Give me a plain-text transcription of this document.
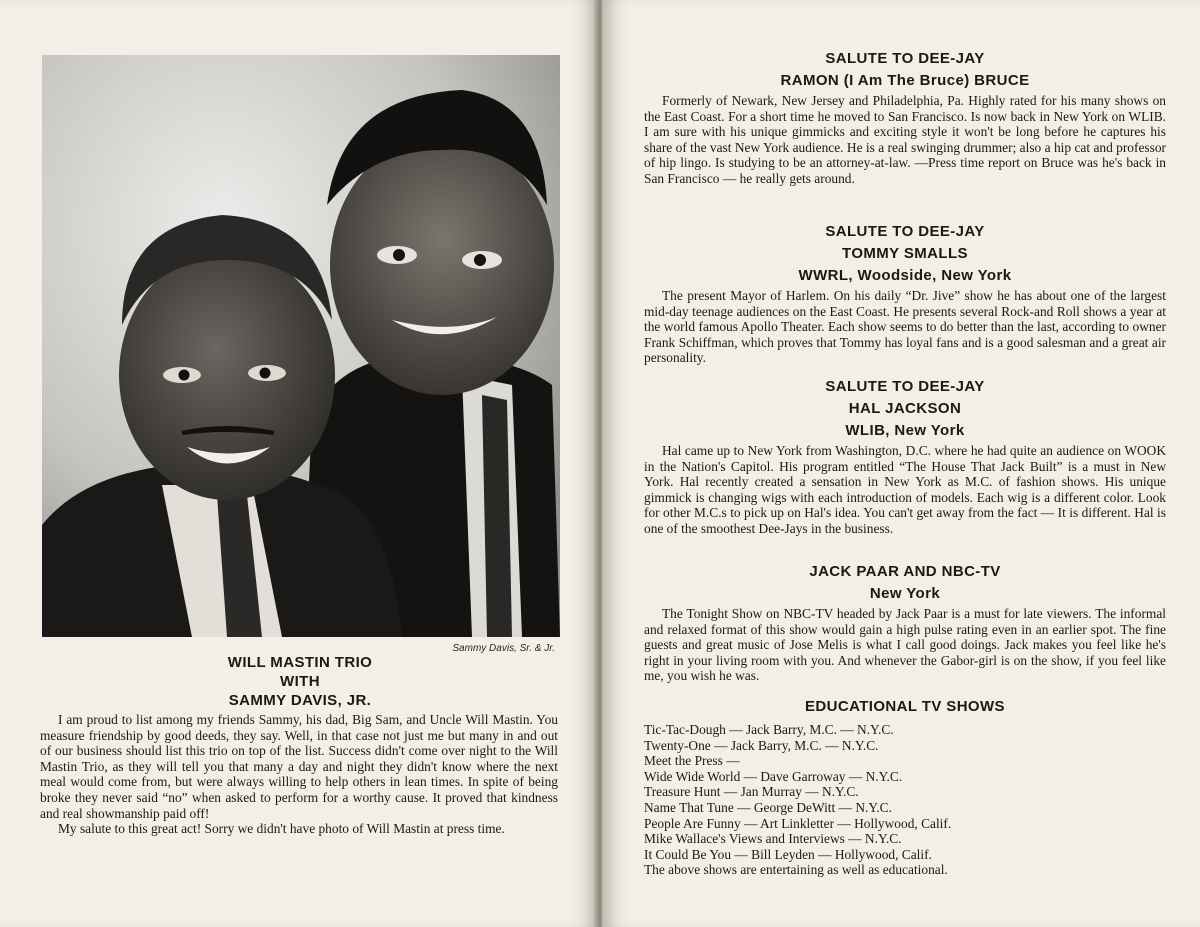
Sammy Davis, Sr. & Jr.

WILL MASTIN TRIO

WITH

SAMMY DAVIS, JR.

I am proud to list among my friends Sammy, his dad, Big Sam, and Uncle Will Mastin. You measure friendship by good deeds, they say. Well, in that case not just me but many in and out of our business should list this trio on top of the list. Success didn't come over night to the Will Mastin Trio, as they will tell you that many a day and night they didn't know where the next meal would come from, but were always willing to help others in lean times. In spite of being broke they never said “no” when asked to perform for a worthy cause. It proved that kindness and real showmanship paid off!

My salute to this great act! Sorry we didn't have photo of Will Mastin at press time.

SALUTE TO DEE-JAY

RAMON (I Am The Bruce) BRUCE

Formerly of Newark, New Jersey and Philadelphia, Pa. Highly rated for his many shows on the East Coast. For a short time he moved to San Francisco. Is now back in New York on WLIB. I am sure with his unique gimmicks and exciting style it won't be long before he captures his share of the vast New York audience. He is a real swinging drummer; also a hip cat and professor of hip lingo. Is studying to be an attorney-at-law. —Press time report on Bruce was he's back in San Francisco — he really gets around.

SALUTE TO DEE-JAY

TOMMY SMALLS

WWRL, Woodside, New York

The present Mayor of Harlem. On his daily “Dr. Jive” show he has about one of the largest mid-day teenage audiences on the East Coast. He presents several Rock-and Roll shows a year at the world famous Apollo Theater. Each show seems to do better than the last, according to owner Frank Schiffman, which proves that Tommy has loyal fans and is a good salesman and a great air personality.

SALUTE TO DEE-JAY

HAL JACKSON

WLIB, New York

Hal came up to New York from Washington, D.C. where he had quite an audience on WOOK in the Nation's Capitol. His program entitled “The House That Jack Built” is a must in New York. Hal recently created a sensation in New York as M.C. of fashion shows. His unique gimmick is changing wigs with each introduction of models. Each wig is a different color. Look for other M.C.s to pick up on Hal's idea. You can't get away from the fact — It is different. Hal is one of the smoothest Dee-Jays in the business.

JACK PAAR AND NBC-TV

New York

The Tonight Show on NBC-TV headed by Jack Paar is a must for late viewers. The informal and relaxed format of this show would gain a high pulse rating even in an earlier spot. The fine guests and great music of Jose Melis is what I call good doings. Jack makes you feel like he's right in your living room with you. And whenever the Gabor-girl is on the show, if you feel like me, you wish he was.

EDUCATIONAL TV SHOWS

Tic-Tac-Dough — Jack Barry, M.C. — N.Y.C.
Twenty-One — Jack Barry, M.C. — N.Y.C.
Meet the Press —
Wide Wide World — Dave Garroway — N.Y.C.
Treasure Hunt — Jan Murray — N.Y.C.
Name That Tune — George DeWitt — N.Y.C.
People Are Funny — Art Linkletter — Hollywood, Calif.
Mike Wallace's Views and Interviews — N.Y.C.
It Could Be You — Bill Leyden — Hollywood, Calif.

The above shows are entertaining as well as educational.
